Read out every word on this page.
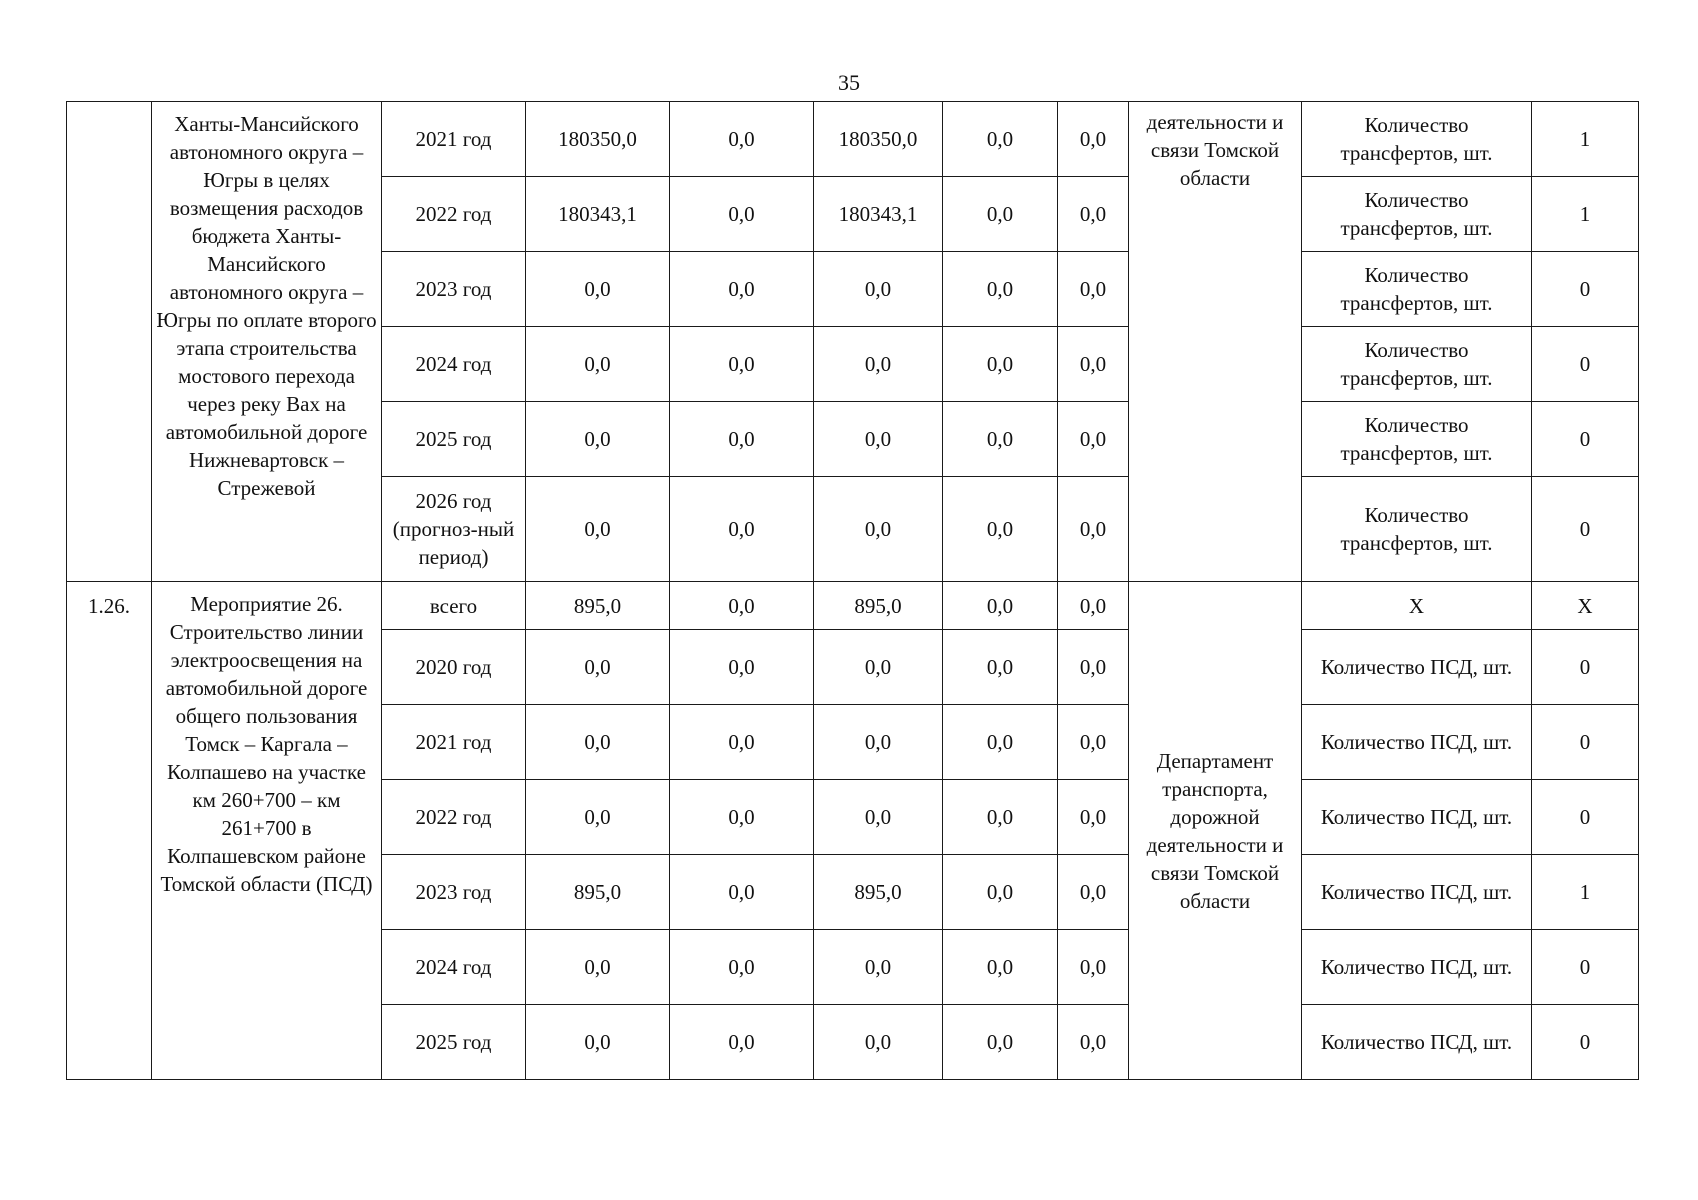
35
	Ханты-Мансийского автономного округа – Югры в целях возмещения расходов бюджета Ханты-Мансийского автономного округа – Югры по оплате второго этапа строительства мостового перехода через реку Вах на автомобильной дороге Нижневартовск – Стрежевой	2021 год	180350,0	0,0	180350,0	0,0	0,0	деятельности и связи Томской области	Количество трансфертов, шт.	1
		2022 год	180343,1	0,0	180343,1	0,0	0,0		Количество трансфертов, шт.	1
		2023 год	0,0	0,0	0,0	0,0	0,0		Количество трансфертов, шт.	0
		2024 год	0,0	0,0	0,0	0,0	0,0		Количество трансфертов, шт.	0
		2025 год	0,0	0,0	0,0	0,0	0,0		Количество трансфертов, шт.	0
		2026 год (прогноз-ный период)	0,0	0,0	0,0	0,0	0,0		Количество трансфертов, шт.	0
1.26.	Мероприятие 26. Строительство линии электроосвещения на автомобильной дороге общего пользования Томск – Каргала – Колпашево на участке км 260+700 – км 261+700 в Колпашевском районе Томской области (ПСД)	всего	895,0	0,0	895,0	0,0	0,0	Департамент транспорта, дорожной деятельности и связи Томской области	Х	Х
		2020 год	0,0	0,0	0,0	0,0	0,0		Количество ПСД, шт.	0
		2021 год	0,0	0,0	0,0	0,0	0,0		Количество ПСД, шт.	0
		2022 год	0,0	0,0	0,0	0,0	0,0		Количество ПСД, шт.	0
		2023 год	895,0	0,0	895,0	0,0	0,0		Количество ПСД, шт.	1
		2024 год	0,0	0,0	0,0	0,0	0,0		Количество ПСД, шт.	0
		2025 год	0,0	0,0	0,0	0,0	0,0		Количество ПСД, шт.	0
